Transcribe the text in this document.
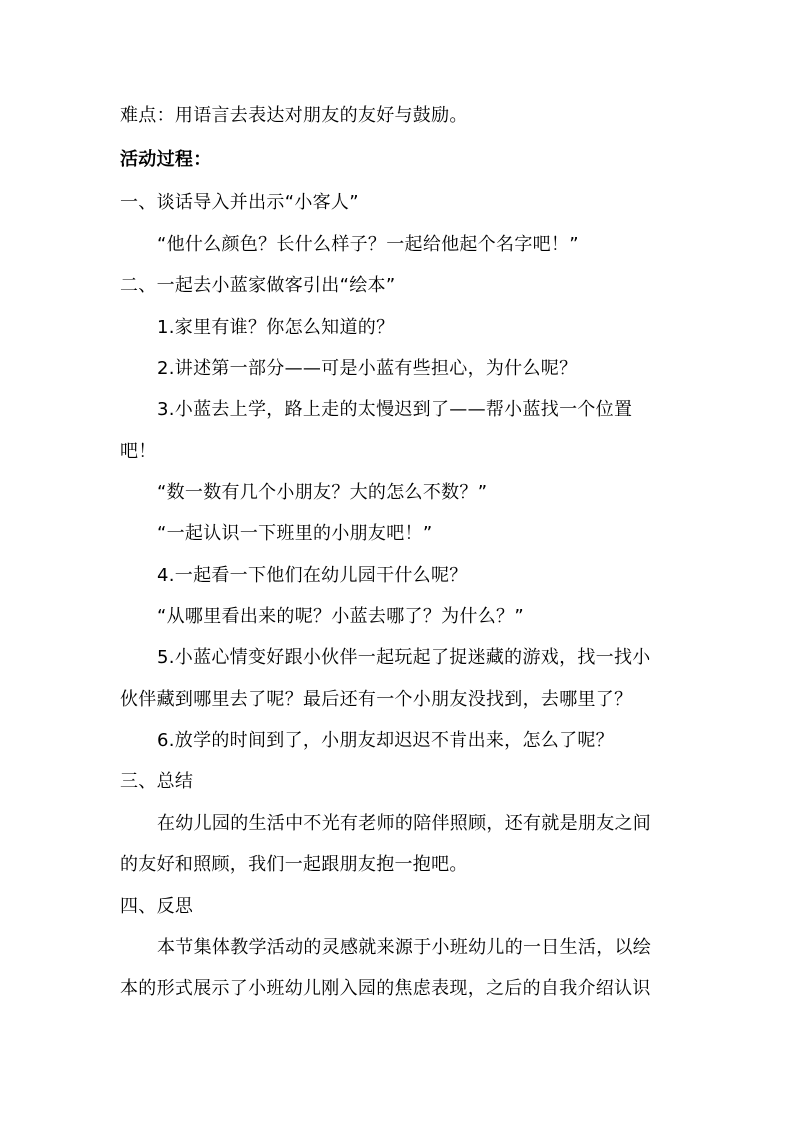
难点：用语言去表达对朋友的友好与鼓励。
活动过程：
一、谈话导入并出示“小客人”
“他什么颜色？长什么样子？一起给他起个名字吧！”
二、一起去小蓝家做客引出“绘本”
1.家里有谁？你怎么知道的？
2.讲述第一部分——可是小蓝有些担心，为什么呢？
3.小蓝去上学，路上走的太慢迟到了——帮小蓝找一个位置
吧！
“数一数有几个小朋友？大的怎么不数？”
“一起认识一下班里的小朋友吧！”
4.一起看一下他们在幼儿园干什么呢？
“从哪里看出来的呢？小蓝去哪了？为什么？”
5.小蓝心情变好跟小伙伴一起玩起了捉迷藏的游戏，找一找小
伙伴藏到哪里去了呢？最后还有一个小朋友没找到，去哪里了？
6.放学的时间到了，小朋友却迟迟不肯出来，怎么了呢？
三、总结
在幼儿园的生活中不光有老师的陪伴照顾，还有就是朋友之间
的友好和照顾，我们一起跟朋友抱一抱吧。
四、反思
本节集体教学活动的灵感就来源于小班幼儿的一日生活，以绘
本的形式展示了小班幼儿刚入园的焦虑表现，之后的自我介绍认识
